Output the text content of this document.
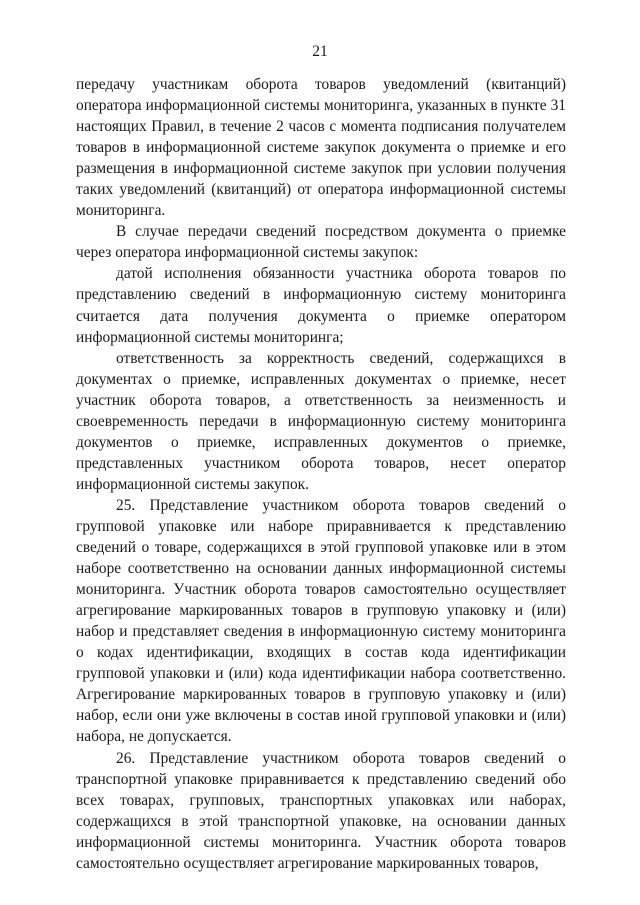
21

передачу участникам оборота товаров уведомлений (квитанций) оператора информационной системы мониторинга, указанных в пункте 31 настоящих Правил, в течение 2 часов с момента подписания получателем товаров в информационной системе закупок документа о приемке и его размещения в информационной системе закупок при условии получения таких уведомлений (квитанций) от оператора информационной системы мониторинга.

В случае передачи сведений посредством документа о приемке через оператора информационной системы закупок:

датой исполнения обязанности участника оборота товаров по представлению сведений в информационную систему мониторинга считается дата получения документа о приемке оператором информационной системы мониторинга;

ответственность за корректность сведений, содержащихся в документах о приемке, исправленных документах о приемке, несет участник оборота товаров, а ответственность за неизменность и своевременность передачи в информационную систему мониторинга документов о приемке, исправленных документов о приемке, представленных участником оборота товаров, несет оператор информационной системы закупок.

25. Представление участником оборота товаров сведений о групповой упаковке или наборе приравнивается к представлению сведений о товаре, содержащихся в этой групповой упаковке или в этом наборе соответственно на основании данных информационной системы мониторинга. Участник оборота товаров самостоятельно осуществляет агрегирование маркированных товаров в групповую упаковку и (или) набор и представляет сведения в информационную систему мониторинга о кодах идентификации, входящих в состав кода идентификации групповой упаковки и (или) кода идентификации набора соответственно. Агрегирование маркированных товаров в групповую упаковку и (или) набор, если они уже включены в состав иной групповой упаковки и (или) набора, не допускается.

26. Представление участником оборота товаров сведений о транспортной упаковке приравнивается к представлению сведений обо всех товарах, групповых, транспортных упаковках или наборах, содержащихся в этой транспортной упаковке, на основании данных информационной системы мониторинга. Участник оборота товаров самостоятельно осуществляет агрегирование маркированных товаров,
